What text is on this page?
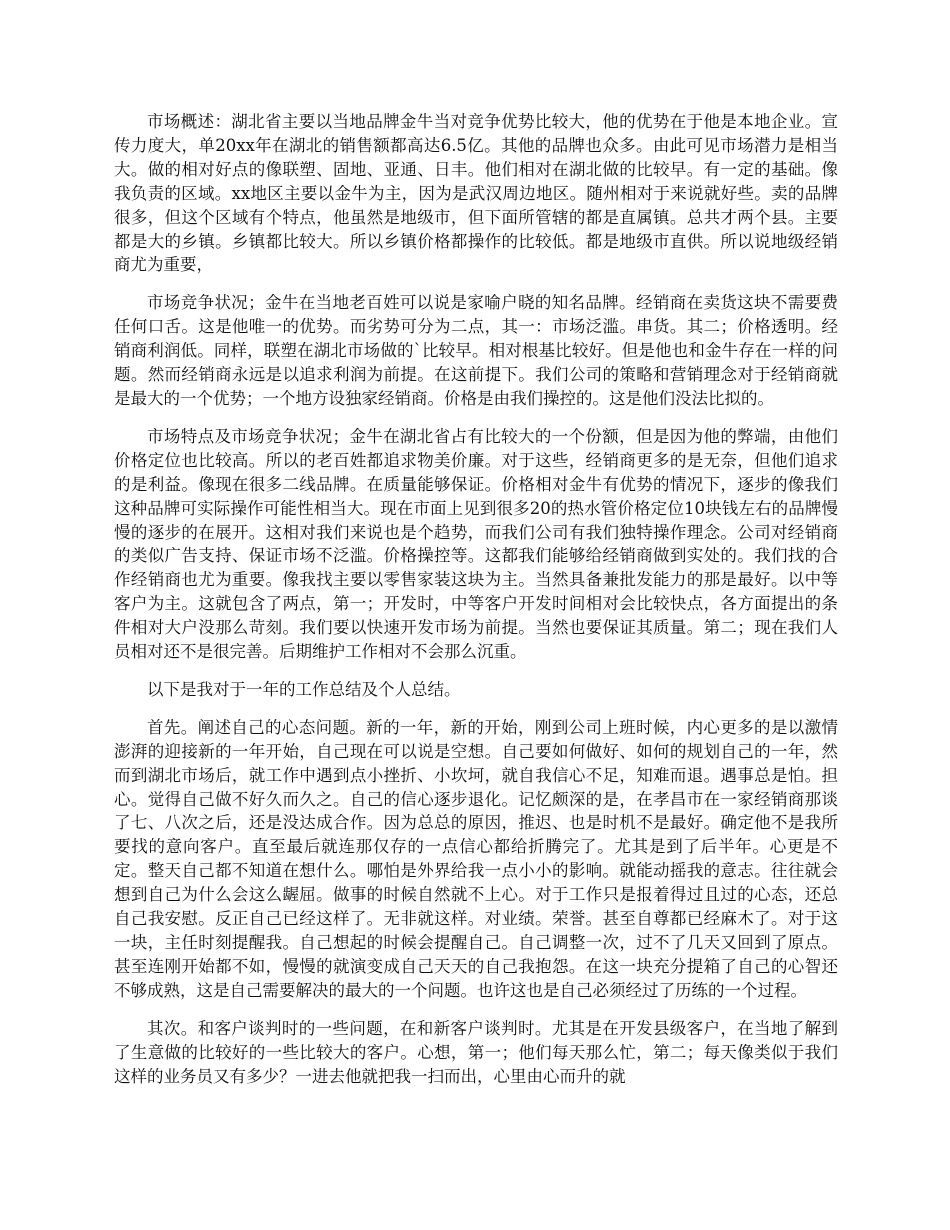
市场概述：湖北省主要以当地品牌金牛当对竞争优势比较大，他的优势在于他是本地企业。宣传力度大，单20xx年在湖北的销售额都高达6.5亿。其他的品牌也众多。由此可见市场潜力是相当大。做的相对好点的像联塑、固地、亚通、日丰。他们相对在湖北做的比较早。有一定的基础。像我负责的区域。xx地区主要以金牛为主，因为是武汉周边地区。随州相对于来说就好些。卖的品牌很多，但这个区域有个特点，他虽然是地级市，但下面所管辖的都是直属镇。总共才两个县。主要都是大的乡镇。乡镇都比较大。所以乡镇价格都操作的比较低。都是地级市直供。所以说地级经销商尤为重要，

市场竞争状况；金牛在当地老百姓可以说是家喻户晓的知名品牌。经销商在卖货这块不需要费任何口舌。这是他唯一的优势。而劣势可分为二点，其一：市场泛滥。串货。其二；价格透明。经销商利润低。同样，联塑在湖北市场做的`比较早。相对根基比较好。但是他也和金牛存在一样的问题。然而经销商永远是以追求利润为前提。在这前提下。我们公司的策略和营销理念对于经销商就是最大的一个优势；一个地方设独家经销商。价格是由我们操控的。这是他们没法比拟的。

市场特点及市场竞争状况；金牛在湖北省占有比较大的一个份额，但是因为他的弊端，由他们价格定位也比较高。所以的老百姓都追求物美价廉。对于这些，经销商更多的是无奈，但他们追求的是利益。像现在很多二线品牌。在质量能够保证。价格相对金牛有优势的情况下，逐步的像我们这种品牌可实际操作可能性相当大。现在市面上见到很多20的热水管价格定位10块钱左右的品牌慢慢的逐步的在展开。这相对我们来说也是个趋势，而我们公司有我们独特操作理念。公司对经销商的类似广告支持、保证市场不泛滥。价格操控等。这都我们能够给经销商做到实处的。我们找的合作经销商也尤为重要。像我找主要以零售家装这块为主。当然具备兼批发能力的那是最好。以中等客户为主。这就包含了两点，第一；开发时，中等客户开发时间相对会比较快点，各方面提出的条件相对大户没那么苛刻。我们要以快速开发市场为前提。当然也要保证其质量。第二；现在我们人员相对还不是很完善。后期维护工作相对不会那么沉重。

以下是我对于一年的工作总结及个人总结。

首先。阐述自己的心态问题。新的一年，新的开始，刚到公司上班时候，内心更多的是以激情澎湃的迎接新的一年开始，自己现在可以说是空想。自己要如何做好、如何的规划自己的一年，然而到湖北市场后，就工作中遇到点小挫折、小坎坷，就自我信心不足，知难而退。遇事总是怕。担心。觉得自己做不好久而久之。自己的信心逐步退化。记忆颇深的是，在孝昌市在一家经销商那谈了七、八次之后，还是没达成合作。因为总总的原因，推迟、也是时机不是最好。确定他不是我所要找的意向客户。直至最后就连那仅存的一点信心都给折腾完了。尤其是到了后半年。心更是不定。整天自己都不知道在想什么。哪怕是外界给我一点小小的影响。就能动摇我的意志。往往就会想到自己为什么会这么龌屈。做事的时候自然就不上心。对于工作只是报着得过且过的心态，还总自己我安慰。反正自己已经这样了。无非就这样。对业绩。荣誉。甚至自尊都已经麻木了。对于这一块，主任时刻提醒我。自己想起的时候会提醒自己。自己调整一次，过不了几天又回到了原点。甚至连刚开始都不如，慢慢的就演变成自己天天的自己我抱怨。在这一块充分提箱了自己的心智还不够成熟，这是自己需要解决的最大的一个问题。也许这也是自己必须经过了历练的一个过程。

其次。和客户谈判时的一些问题，在和新客户谈判时。尤其是在开发县级客户，在当地了解到了生意做的比较好的一些比较大的客户。心想，第一；他们每天那么忙，第二；每天像类似于我们这样的业务员又有多少？一进去他就把我一扫而出，心里由心而升的就
